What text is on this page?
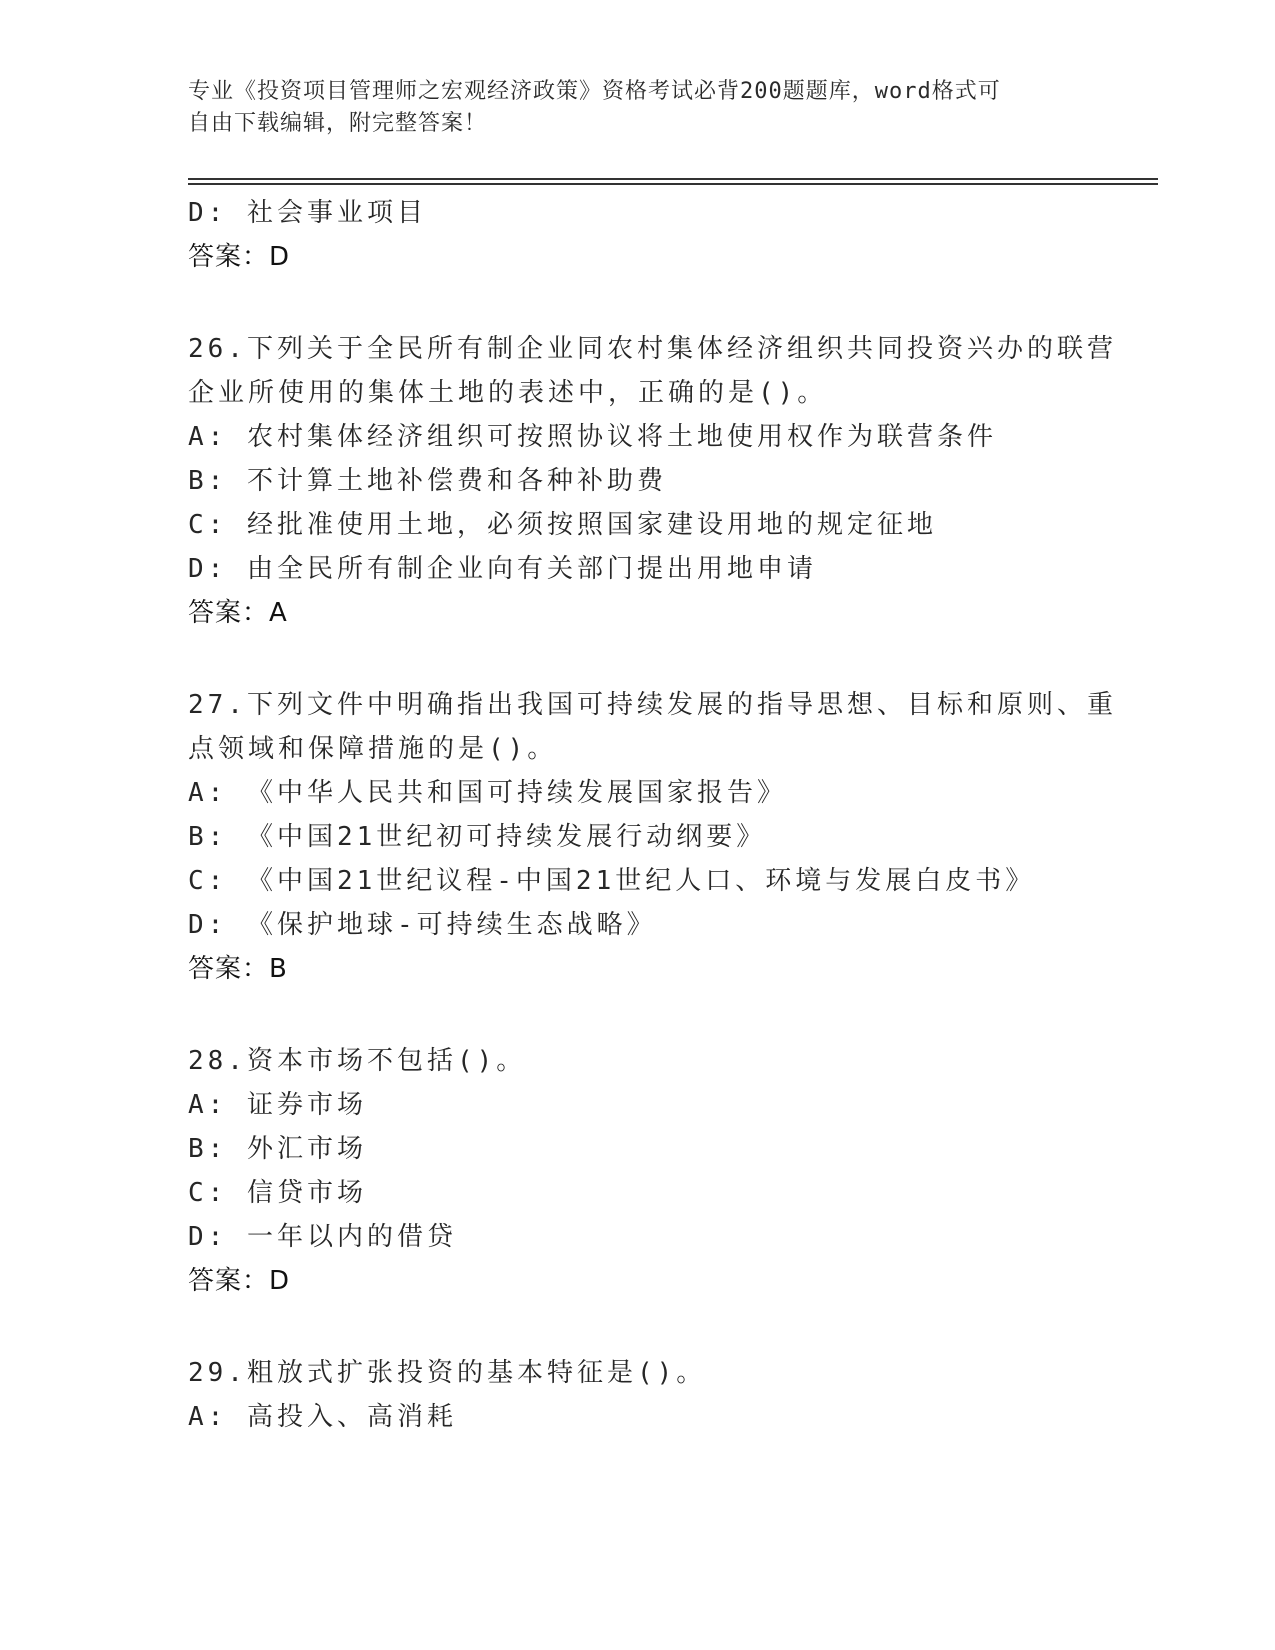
专业《投资项目管理师之宏观经济政策》资格考试必背200题题库，word格式可
自由下载编辑，附完整答案！
D: 社会事业项目
答案：D
26.下列关于全民所有制企业同农村集体经济组织共同投资兴办的联营
企业所使用的集体土地的表述中，正确的是()。
A: 农村集体经济组织可按照协议将土地使用权作为联营条件
B: 不计算土地补偿费和各种补助费
C: 经批准使用土地，必须按照国家建设用地的规定征地
D: 由全民所有制企业向有关部门提出用地申请
答案：A
27.下列文件中明确指出我国可持续发展的指导思想、目标和原则、重
点领域和保障措施的是()。
A: 《中华人民共和国可持续发展国家报告》
B: 《中国21世纪初可持续发展行动纲要》
C: 《中国21世纪议程-中国21世纪人口、环境与发展白皮书》
D: 《保护地球-可持续生态战略》
答案：B
28.资本市场不包括()。
A: 证券市场
B: 外汇市场
C: 信贷市场
D: 一年以内的借贷
答案：D
29.粗放式扩张投资的基本特征是()。
A: 高投入、高消耗
